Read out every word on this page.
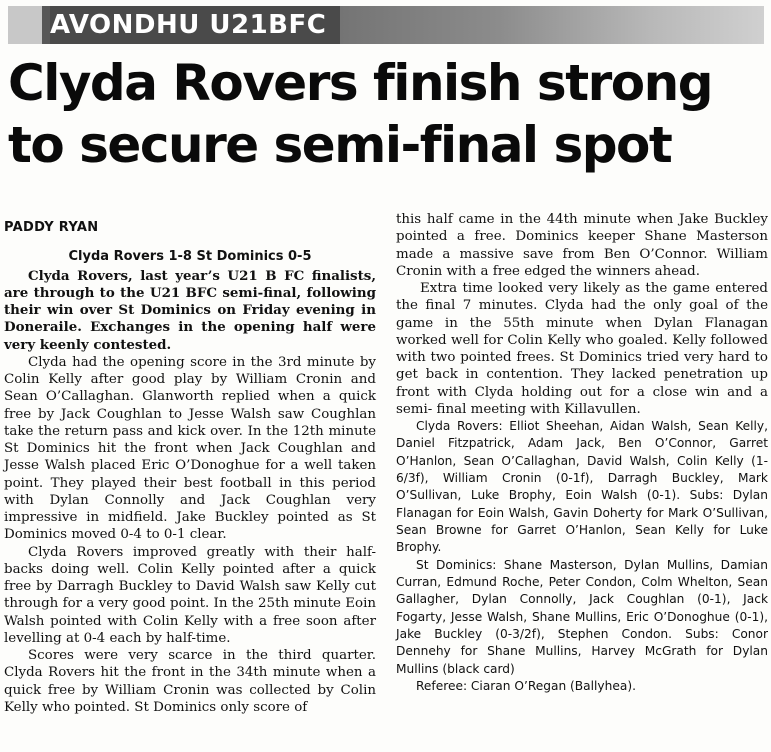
AVONDHU U21BFC
Clyda Rovers finish strong
to secure semi-final spot
PADDY RYAN
Clyda Rovers 1-8 St Dominics 0-5

Clyda Rovers, last year’s U21 B FC finalists, are through to the U21 BFC semi-final, following their win over St Dominics on Friday evening in Doneraile. Exchanges in the opening half were very keenly contested.

Clyda had the opening score in the 3rd minute by Colin Kelly after good play by William Cronin and Sean O’Callaghan. Glanworth replied when a quick free by Jack Coughlan to Jesse Walsh saw Coughlan take the return pass and kick over. In the 12th minute St Dominics hit the front when Jack Coughlan and Jesse Walsh placed Eric O’Donoghue for a well taken point. They played their best football in this period with Dylan Connolly and Jack Coughlan very impressive in midfield. Jake Buckley pointed as St Dominics moved 0-4 to 0-1 clear.

Clyda Rovers improved greatly with their half-backs doing well. Colin Kelly pointed after a quick free by Darragh Buckley to David Walsh saw Kelly cut through for a very good point. In the 25th minute Eoin Walsh pointed with Colin Kelly with a free soon after levelling at 0-4 each by half-time.

Scores were very scarce in the third quarter. Clyda Rovers hit the front in the 34th minute when a quick free by William Cronin was collected by Colin Kelly who pointed. St Dominics only score of

this half came in the 44th minute when Jake Buckley pointed a free. Dominics keeper Shane Masterson made a massive save from Ben O’Connor. William Cronin with a free edged the winners ahead.

Extra time looked very likely as the game entered the final 7 minutes. Clyda had the only goal of the game in the 55th minute when Dylan Flanagan worked well for Colin Kelly who goaled. Kelly followed with two pointed frees. St Dominics tried very hard to get back in contention. They lacked penetration up front with Clyda holding out for a close win and a semi- final meeting with Killavullen.

Clyda Rovers: Elliot Sheehan, Aidan Walsh, Sean Kelly, Daniel Fitzpatrick, Adam Jack, Ben O’Connor, Garret O’Hanlon, Sean O’Callaghan, David Walsh, Colin Kelly (1-6/3f), William Cronin (0-1f), Darragh Buckley, Mark O’Sullivan, Luke Brophy, Eoin Walsh (0-1). Subs: Dylan Flanagan for Eoin Walsh, Gavin Doherty for Mark O’Sullivan, Sean Browne for Garret O’Hanlon, Sean Kelly for Luke Brophy.

St Dominics: Shane Masterson, Dylan Mullins, Damian Curran, Edmund Roche, Peter Condon, Colm Whelton, Sean Gallagher, Dylan Connolly, Jack Coughlan (0-1), Jack Fogarty, Jesse Walsh, Shane Mullins, Eric O’Donoghue (0-1), Jake Buckley (0-3/2f), Stephen Condon. Subs: Conor Dennehy for Shane Mullins, Harvey McGrath for Dylan Mullins (black card)

Referee: Ciaran O’Regan (Ballyhea).
